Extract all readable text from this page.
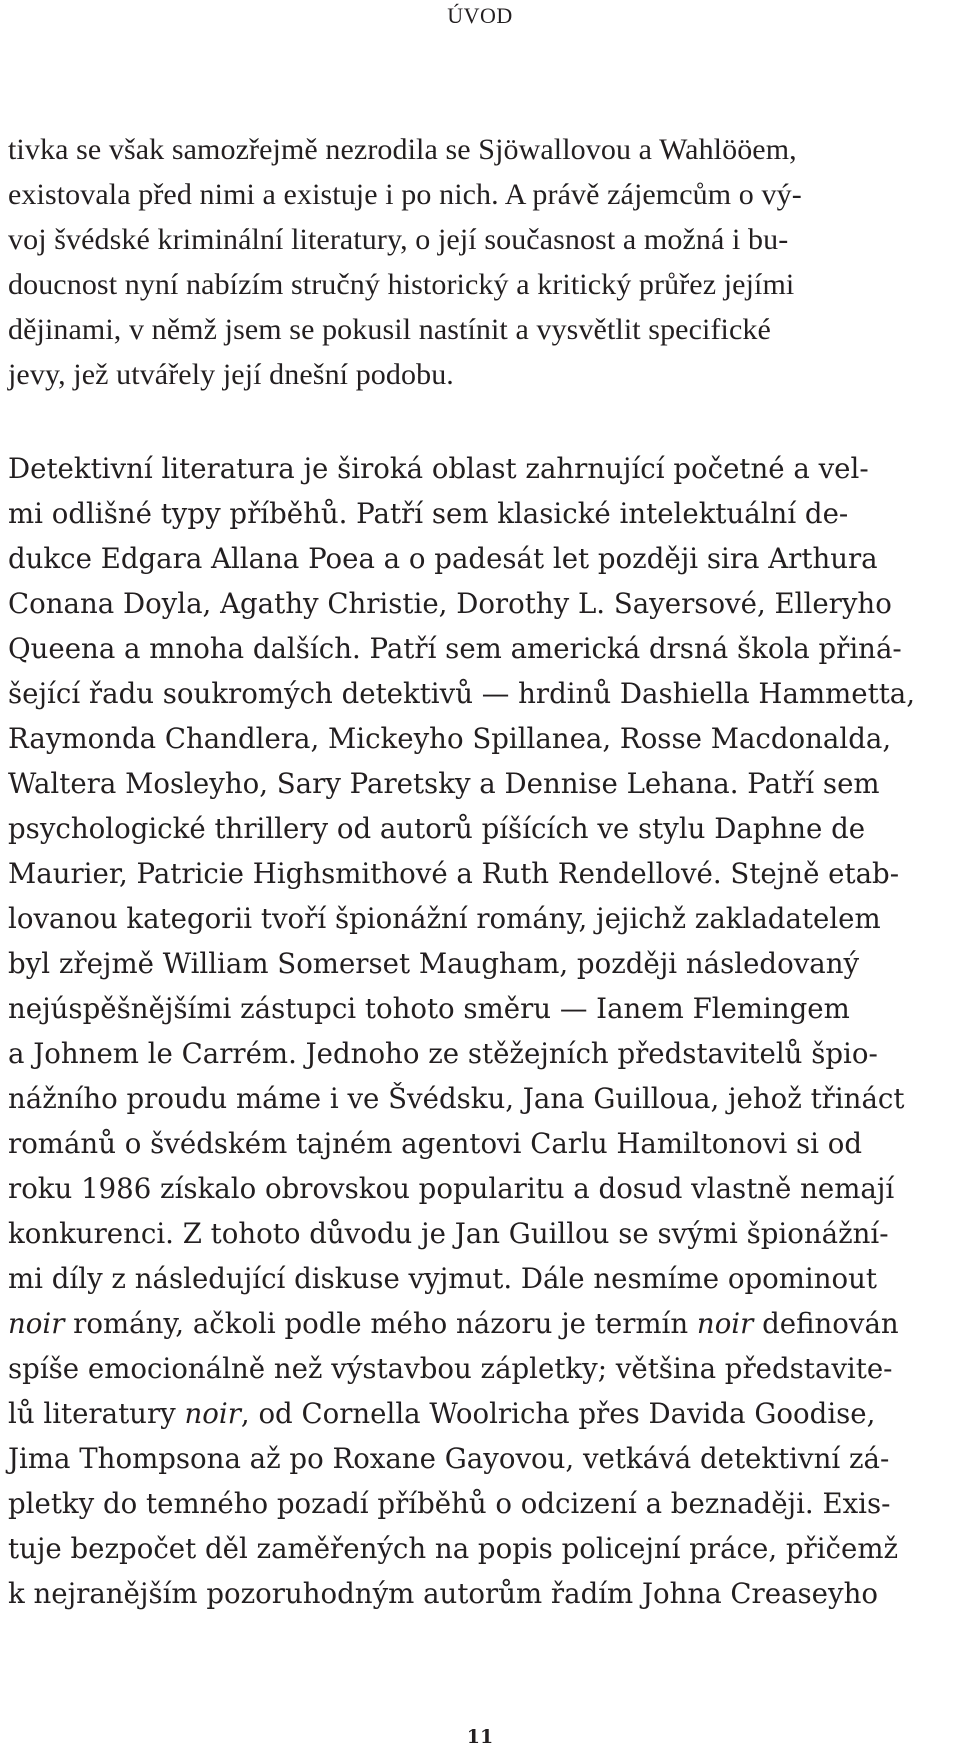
ÚVOD
tivka se však samozřejmě nezrodila se Sjöwallovou a Wahlööem,
existovala před nimi a existuje i po nich. A právě zájemcům o vý-
voj švédské kriminální literatury, o její současnost a možná i bu-
doucnost nyní nabízím stručný historický a kritický průřez jejími
dějinami, v němž jsem se pokusil nastínit a vysvětlit specifické
jevy, jež utvářely její dnešní podobu.
Detektivní literatura je široká oblast zahrnující početné a vel-
mi odlišné typy příběhů. Patří sem klasické intelektuální de-
dukce Edgara Allana Poea a o padesát let později sira Arthura
Conana Doyla, Agathy Christie, Dorothy L. Sayersové, Elleryho
Queena a mnoha dalších. Patří sem americká drsná škola přiná-
šející řadu soukromých detektivů — hrdinů Dashiella Hammetta,
Raymonda Chandlera, Mickeyho Spillanea, Rosse Macdonalda,
Waltera Mosleyho, Sary Paretsky a Dennise Lehana. Patří sem
psychologické thrillery od autorů píšících ve stylu Daphne de
Maurier, Patricie Highsmithové a Ruth Rendellové. Stejně etab-
lovanou kategorii tvoří špionážní romány, jejichž zakladatelem
byl zřejmě William Somerset Maugham, později následovaný
nejúspěšnějšími zástupci tohoto směru — Ianem Flemingem
a Johnem le Carrém. Jednoho ze stěžejních představitelů špio-
nážního proudu máme i ve Švédsku, Jana Guilloua, jehož třináct
románů o švédském tajném agentovi Carlu Hamiltonovi si od
roku 1986 získalo obrovskou popularitu a dosud vlastně nemají
konkurenci. Z tohoto důvodu je Jan Guillou se svými špionážní-
mi díly z následující diskuse vyjmut. Dále nesmíme opominout
noir romány, ačkoli podle mého názoru je termín noir definován
spíše emocionálně než výstavbou zápletky; většina představite-
lů literatury noir, od Cornella Woolricha přes Davida Goodise,
Jima Thompsona až po Roxane Gayovou, vetkává detektivní zá-
pletky do temného pozadí příběhů o odcizení a beznaději. Exis-
tuje bezpočet děl zaměřených na popis policejní práce, přičemž
k nejranějším pozoruhodným autorům řadím Johna Creaseyho
11
